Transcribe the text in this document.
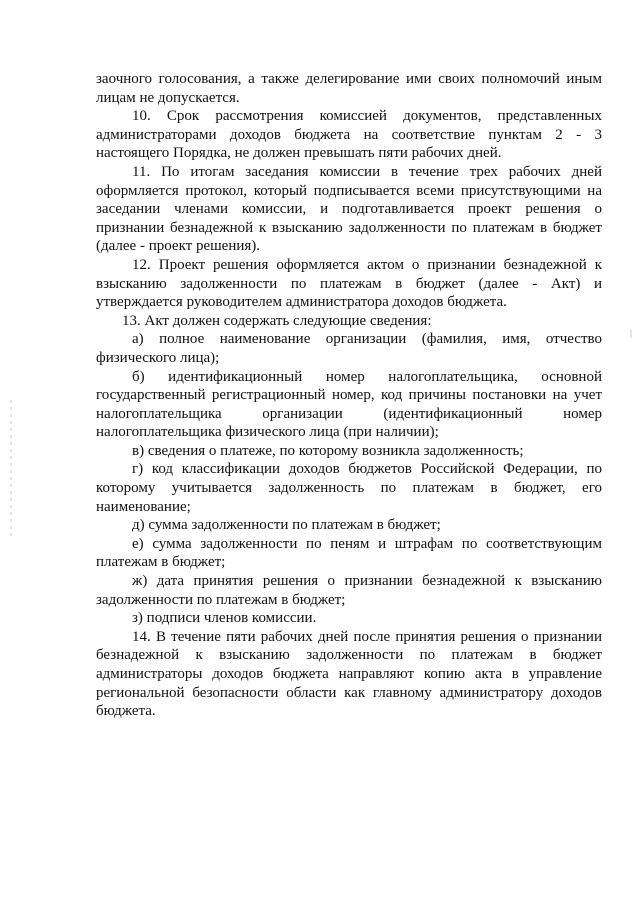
заочного голосования, а также делегирование ими своих полномочий иным лицам не допускается.

10. Срок рассмотрения комиссией документов, представленных администраторами доходов бюджета на соответствие пунктам 2 - 3 настоящего Порядка, не должен превышать пяти рабочих дней.

11. По итогам заседания комиссии в течение трех рабочих дней оформляется протокол, который подписывается всеми присутствующими на заседании членами комиссии, и подготавливается проект решения о признании безнадежной к взысканию задолженности по платежам в бюджет (далее - проект решения).

12. Проект решения оформляется актом о признании безнадежной к взысканию задолженности по платежам в бюджет (далее - Акт) и утверждается руководителем администратора доходов бюджета.

13. Акт должен содержать следующие сведения:

а) полное наименование организации (фамилия, имя, отчество физического лица);

б) идентификационный номер налогоплательщика, основной государственный регистрационный номер, код причины постановки на учет налогоплательщика организации (идентификационный номер налогоплательщика физического лица (при наличии);

в) сведения о платеже, по которому возникла задолженность;

г) код классификации доходов бюджетов Российской Федерации, по которому учитывается задолженность по платежам в бюджет, его наименование;

д) сумма задолженности по платежам в бюджет;

е) сумма задолженности по пеням и штрафам по соответствующим платежам в бюджет;

ж) дата принятия решения о признании безнадежной к взысканию задолженности по платежам в бюджет;

з) подписи членов комиссии.

14. В течение пяти рабочих дней после принятия решения о признании безнадежной к взысканию задолженности по платежам в бюджет администраторы доходов бюджета направляют копию акта в управление региональной безопасности области как главному администратору доходов бюджета.
